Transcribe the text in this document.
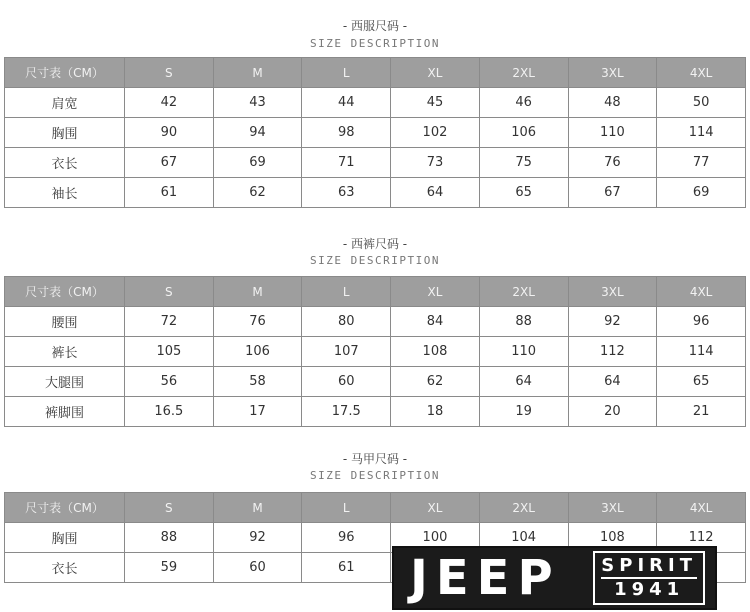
- 西服尺码 -
SIZE DESCRIPTION
尺寸表（CM）	S	M	L	XL	2XL	3XL	4XL
肩宽	42	43	44	45	46	48	50
胸围	90	94	98	102	106	110	114
衣长	67	69	71	73	75	76	77
袖长	61	62	63	64	65	67	69
- 西裤尺码 -
SIZE DESCRIPTION
尺寸表（CM）	S	M	L	XL	2XL	3XL	4XL
腰围	72	76	80	84	88	92	96
裤长	105	106	107	108	110	112	114
大腿围	56	58	60	62	64	64	65
裤脚围	16.5	17	17.5	18	19	20	21
- 马甲尺码 -
SIZE DESCRIPTION
尺寸表（CM）	S	M	L	XL	2XL	3XL	4XL
胸围	88	92	96	100	104	108	112
衣长	59	60	61				JEEP SPIRIT
1941
